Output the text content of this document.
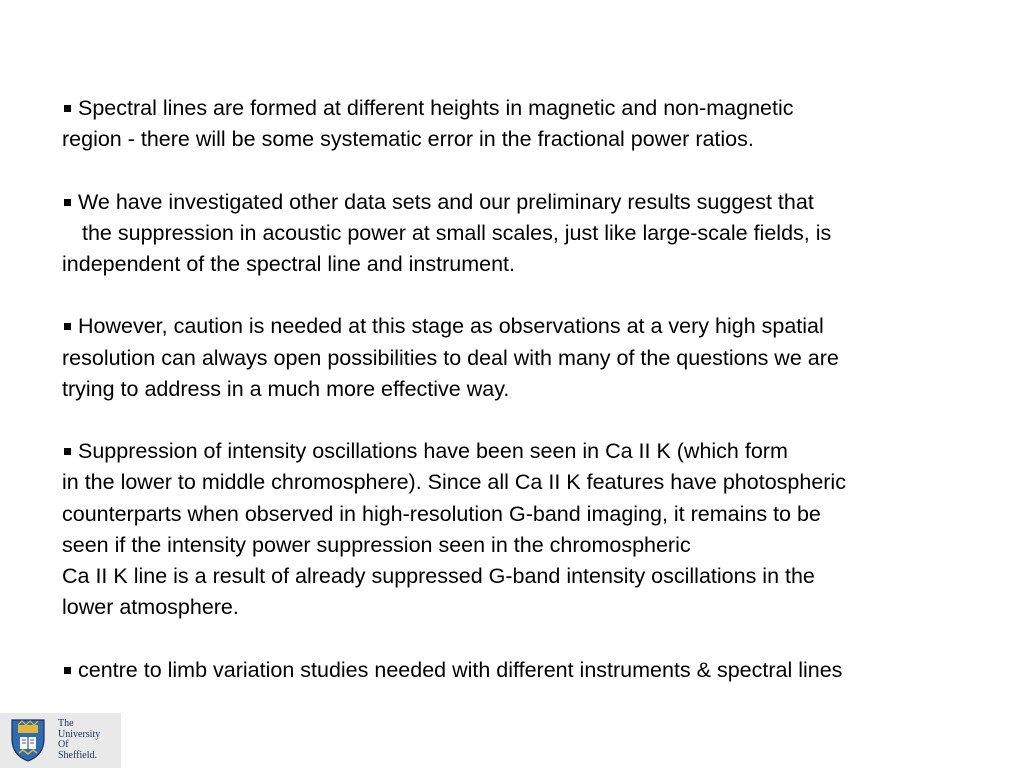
Spectral lines are formed at different heights in magnetic and non-magnetic
region - there will be some systematic error in the fractional power ratios.

We have investigated other data sets and our preliminary results suggest that
the suppression in acoustic power at small scales, just like large-scale fields, is
independent of the spectral line and instrument.

However, caution is needed at this stage as observations at a very high spatial
resolution can always open possibilities to deal with many of the questions we are
trying to address in a much more effective way.

Suppression of intensity oscillations have been seen in Ca II K (which form
in the lower to middle chromosphere). Since all Ca II K features have photospheric
counterparts when observed in high-resolution G-band imaging, it remains to be
seen if the intensity power suppression seen in the chromospheric
Ca II K line is a result of already suppressed G-band intensity oscillations in the
lower atmosphere.

centre to limb variation studies needed with different instruments & spectral lines

The
University
Of
Sheffield.
